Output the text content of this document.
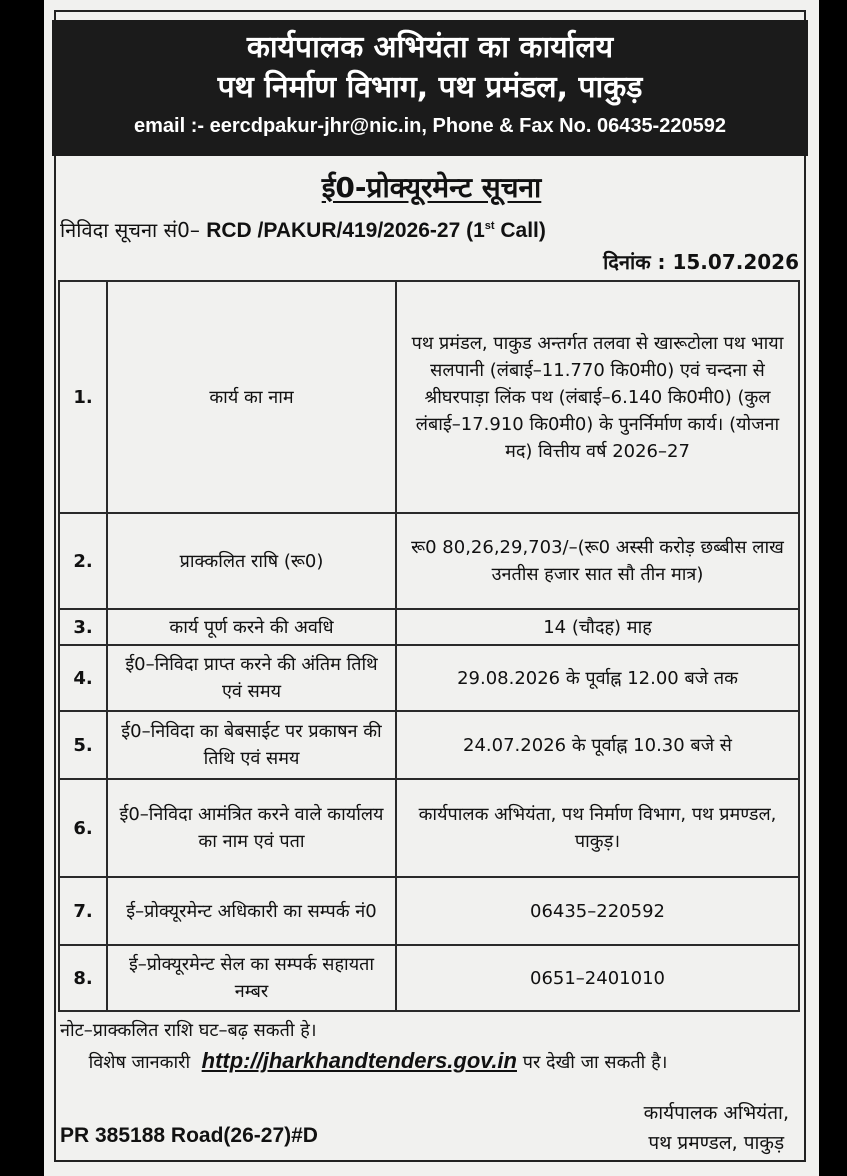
कार्यपालक अभियंता का कार्यालय
पथ निर्माण विभाग, पथ प्रमंडल, पाकुड़
email :- eercdpakur-jhr@nic.in, Phone & Fax No. 06435-220592
ई0-प्रोक्यूरमेन्ट सूचना
निविदा सूचना सं0– RCD /PAKUR/419/2026-27 (1st Call)
दिनांक : 15.07.2026
1.	कार्य का नाम	पथ प्रमंडल, पाकुड अन्तर्गत तलवा से खारूटोला पथ भाया सलपानी (लंबाई–11.770 कि0मी0) एवं चन्दना से श्रीघरपाड़ा लिंक पथ (लंबाई–6.140 कि0मी0) (कुल लंबाई–17.910 कि0मी0) के पुनर्निर्माण कार्य। (योजना मद) वित्तीय वर्ष 2026–27
2.	प्राक्कलित राषि (रू0)	रू0 80,26,29,703/–(रू0 अस्सी करोड़ छब्बीस लाख उनतीस हजार सात सौ तीन मात्र)
3.	कार्य पूर्ण करने की अवधि	14 (चौदह) माह
4.	ई0–निविदा प्राप्त करने की अंतिम तिथि एवं समय	29.08.2026 के पूर्वाह्न 12.00 बजे तक
5.	ई0–निविदा का बेबसाईट पर प्रकाषन की तिथि एवं समय	24.07.2026 के पूर्वाह्न 10.30 बजे से
6.	ई0–निविदा आमंत्रित करने वाले कार्यालय का नाम एवं पता	कार्यपालक अभियंता, पथ निर्माण विभाग, पथ प्रमण्डल, पाकुड़।
7.	ई–प्रोक्यूरमेन्ट अधिकारी का सम्पर्क नं0	06435–220592
8.	ई–प्रोक्यूरमेन्ट सेल का सम्पर्क सहायता नम्बर	0651–2401010
नोट–प्राक्कलित राशि घट–बढ़ सकती हे।
विशेष जानकारी http://jharkhandtenders.gov.in पर देखी जा सकती है।
कार्यपालक अभियंता,
पथ प्रमण्डल, पाकुड़
PR 385188 Road(26-27)#D
